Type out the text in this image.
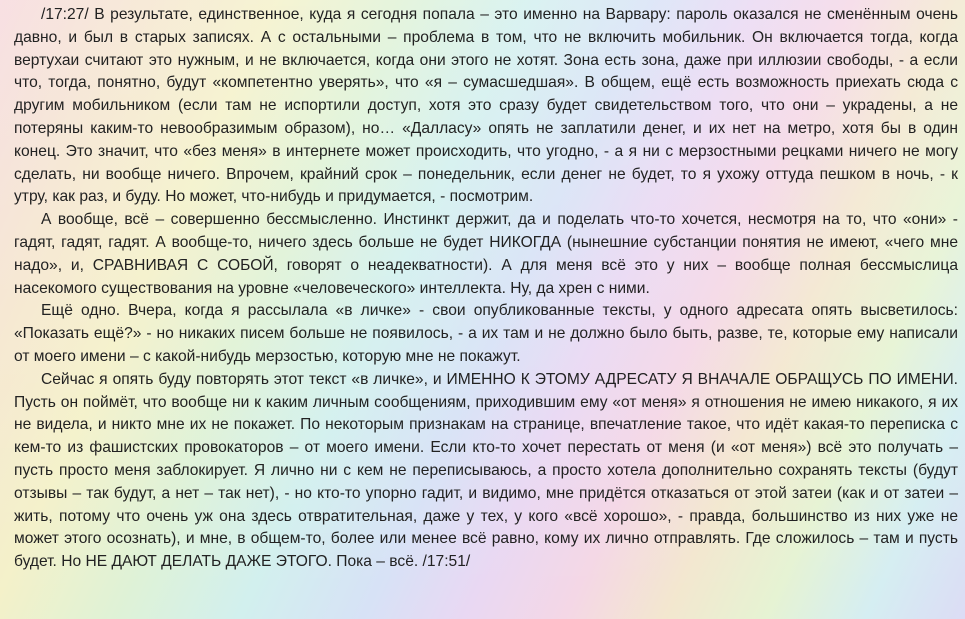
/17:27/ В результате, единственное, куда я сегодня попала – это именно на Варвару: пароль оказался не сменённым очень давно, и был в старых записях. А с остальными – проблема в том, что не включить мобильник. Он включается тогда, когда вертухаи считают это нужным, и не включается, когда они этого не хотят. Зона есть зона, даже при иллюзии свободы, - а если что, тогда, понятно, будут «компетентно уверять», что «я – сумасшедшая». В общем, ещё есть возможность приехать сюда с другим мобильником (если там не испортили доступ, хотя это сразу будет свидетельством того, что они – украдены, а не потеряны каким-то невообразимым образом), но… «Далласу» опять не заплатили денег, и их нет на метро, хотя бы в один конец. Это значит, что «без меня» в интернете может происходить, что угодно, - а я ни с мерзостными рецками ничего не могу сделать, ни вообще ничего. Впрочем, крайний срок – понедельник, если денег не будет, то я ухожу оттуда пешком в ночь, - к утру, как раз, и буду. Но может, что-нибудь и придумается, - посмотрим.

А вообще, всё – совершенно бессмысленно. Инстинкт держит, да и поделать что-то хочется, несмотря на то, что «они» - гадят, гадят, гадят. А вообще-то, ничего здесь больше не будет НИКОГДА (нынешние субстанции понятия не имеют, «чего мне надо», и, СРАВНИВАЯ С СОБОЙ, говорят о неадекватности). А для меня всё это у них – вообще полная бессмыслица насекомого существования на уровне «человеческого» интеллекта. Ну, да хрен с ними.

Ещё одно. Вчера, когда я рассылала «в личке» - свои опубликованные тексты, у одного адресата опять высветилось: «Показать ещё?» - но никаких писем больше не появилось, - а их там и не должно было быть, разве, те, которые ему написали от моего имени – с какой-нибудь мерзостью, которую мне не покажут.

Сейчас я опять буду повторять этот текст «в личке», и ИМЕННО К ЭТОМУ АДРЕСАТУ Я ВНАЧАЛЕ ОБРАЩУСЬ ПО ИМЕНИ. Пусть он поймёт, что вообще ни к каким личным сообщениям, приходившим ему «от меня» я отношения не имею никакого, я их не видела, и никто мне их не покажет. По некоторым признакам на странице, впечатление такое, что идёт какая-то переписка с кем-то из фашистских провокаторов – от моего имени. Если кто-то хочет перестать от меня (и «от меня») всё это получать – пусть просто меня заблокирует. Я лично ни с кем не переписываюсь, а просто хотела дополнительно сохранять тексты (будут отзывы – так будут, а нет – так нет), - но кто-то упорно гадит, и видимо, мне придётся отказаться от этой затеи (как и от затеи – жить, потому что очень уж она здесь отвратительная, даже у тех, у кого «всё хорошо», - правда, большинство из них уже не может этого осознать), и мне, в общем-то, более или менее всё равно, кому их лично отправлять. Где сложилось – там и пусть будет. Но НЕ ДАЮТ ДЕЛАТЬ ДАЖЕ ЭТОГО. Пока – всё. /17:51/
